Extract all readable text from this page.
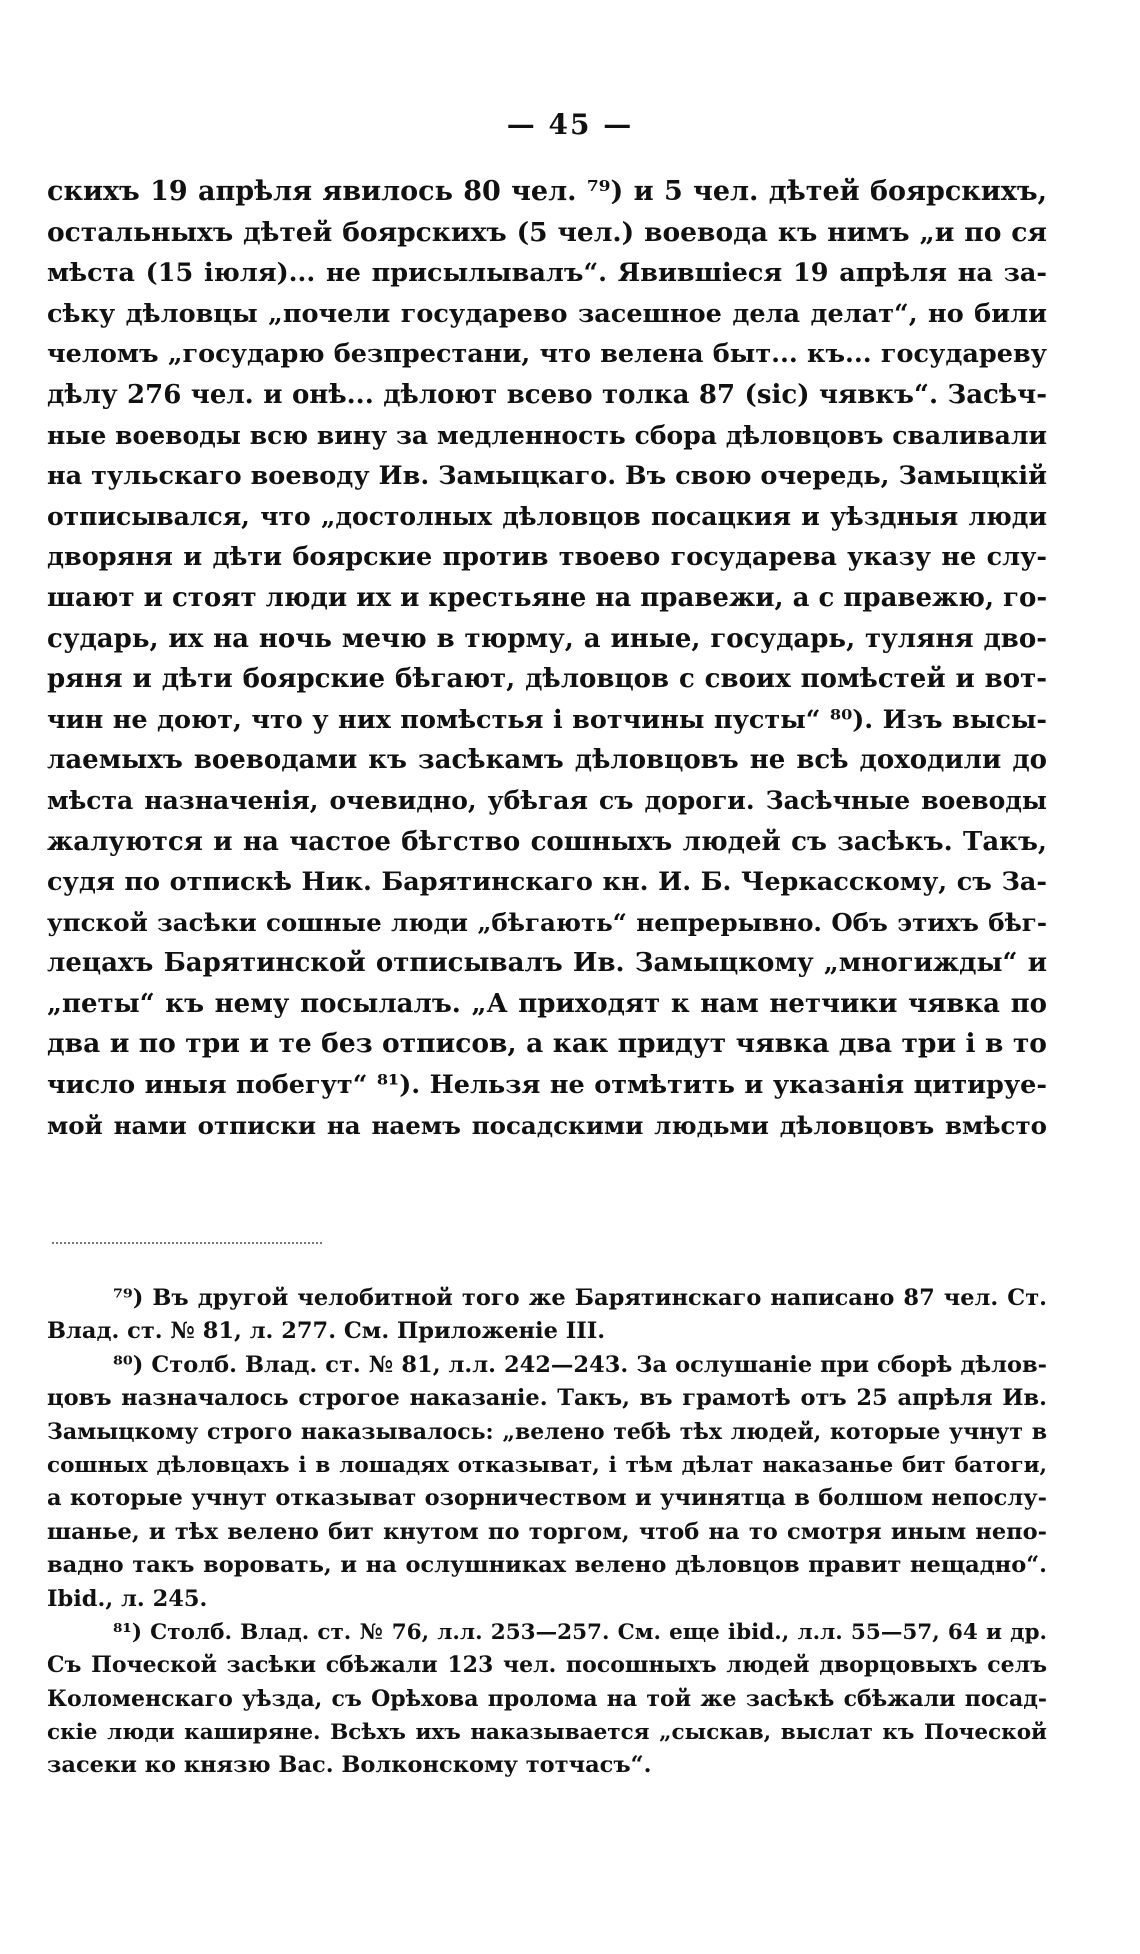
— 45 —
скихъ 19 апрѣля явилось 80 чел. ⁷⁹) и 5 чел. дѣтей боярскихъ,
остальныхъ дѣтей боярскихъ (5 чел.) воевода къ нимъ „и по ся
мѣста (15 іюля)... не присылывалъ“. Явившіеся 19 апрѣля на за-
сѣку дѣловцы „почели государево засешное дела делат“, но били
челомъ „государю безпрестани, что велена быт... къ... государеву
дѣлу 276 чел. и онѣ... дѣлоют всево толка 87 (sic) чявкъ“. Засѣч-
ные воеводы всю вину за медленность сбора дѣловцовъ сваливали
на тульскаго воеводу Ив. Замыцкаго. Въ свою очередь, Замыцкій
отписывался, что „достолных дѣловцов посацкия и уѣздныя люди
дворяня и дѣти боярские против твоево государева указу не слу-
шают и стоят люди их и крестьяне на правежи, а с правежю, го-
сударь, их на ночь мечю в тюрму, а иные, государь, туляня дво-
ряня и дѣти боярские бѣгают, дѣловцов с своих помѣстей и вот-
чин не доют, что у них помѣстья і вотчины пусты“ ⁸⁰). Изъ высы-
лаемыхъ воеводами къ засѣкамъ дѣловцовъ не всѣ доходили до
мѣста назначенія, очевидно, убѣгая съ дороги. Засѣчные воеводы
жалуются и на частое бѣгство сошныхъ людей съ засѣкъ. Такъ,
судя по отпискѣ Ник. Барятинскаго кн. И. Б. Черкасскому, съ За-
упской засѣки сошные люди „бѣгають“ непрерывно. Объ этихъ бѣг-
лецахъ Барятинской отписывалъ Ив. Замыцкому „многижды“ и
„петы“ къ нему посылалъ. „А приходят к нам нетчики чявка по
два и по три и те без отписов, а как придут чявка два три і в то
число иныя побегут“ ⁸¹). Нельзя не отмѣтить и указанія цитируе-
мой нами отписки на наемъ посадскими людьми дѣловцовъ вмѣсто
⁷⁹) Въ другой челобитной того же Барятинскаго написано 87 чел. Ст.
Влад. ст. № 81, л. 277. См. Приложеніе III.
⁸⁰) Столб. Влад. ст. № 81, л.л. 242—243. За ослушаніе при сборѣ дѣлов-
цовъ назначалось строгое наказаніе. Такъ, въ грамотѣ отъ 25 апрѣля Ив.
Замыцкому строго наказывалось: „велено тебѣ тѣх людей, которые учнут в
сошных дѣловцахъ і в лошадях отказыват, і тѣм дѣлат наказанье бит батоги,
а которые учнут отказыват озорничеством и учинятца в болшом непослу-
шанье, и тѣх велено бит кнутом по торгом, чтоб на то смотря иным непо-
вадно такъ воровать, и на ослушниках велено дѣловцов правит нещадно“.
Ibid., л. 245.
⁸¹) Столб. Влад. ст. № 76, л.л. 253—257. См. еще ibid., л.л. 55—57, 64 и др.
Съ Поческой засѣки сбѣжали 123 чел. посошныхъ людей дворцовыхъ селъ
Коломенскаго уѣзда, съ Орѣхова пролома на той же засѣкѣ сбѣжали посад-
скіе люди каширяне. Всѣхъ ихъ наказывается „сыскав, выслат къ Поческой
засеки ко князю Вас. Волконскому тотчасъ“.
